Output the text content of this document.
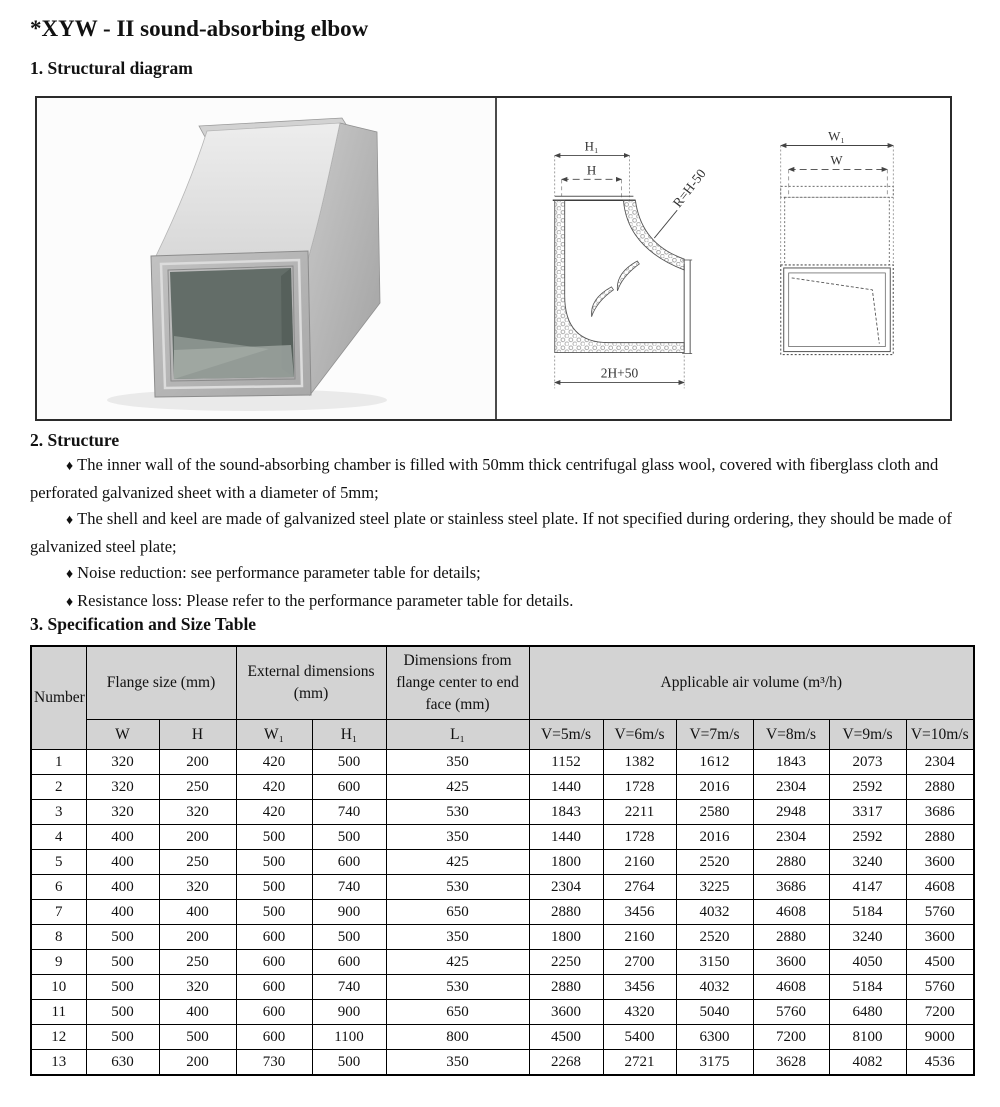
*XYW - II sound-absorbing elbow
1. Structural diagram
H₁
H	R=H-50
2H+50
W₁
W
2. Structure

♦ The inner wall of the sound-absorbing chamber is filled with 50mm thick centrifugal glass wool, covered with fiberglass cloth and perforated galvanized sheet with a diameter of 5mm;

♦ The shell and keel are made of galvanized steel plate or stainless steel plate. If not specified during ordering, they should be made of galvanized steel plate;

♦ Noise reduction: see performance parameter table for details;

♦ Resistance loss: Please refer to the performance parameter table for details.

3. Specification and Size Table
Number	Flange size (mm)		External dimensions (mm)		Dimensions from flange center to end face (mm)	Applicable air volume (m³/h)					
	W	H	W₁	H₁	L₁	V=5m/s	V=6m/s	V=7m/s	V=8m/s	V=9m/s	V=10m/s
1	320	200	420	500	350	1152	1382	1612	1843	2073	2304
2	320	250	420	600	425	1440	1728	2016	2304	2592	2880
3	320	320	420	740	530	1843	2211	2580	2948	3317	3686
4	400	200	500	500	350	1440	1728	2016	2304	2592	2880
5	400	250	500	600	425	1800	2160	2520	2880	3240	3600
6	400	320	500	740	530	2304	2764	3225	3686	4147	4608
7	400	400	500	900	650	2880	3456	4032	4608	5184	5760
8	500	200	600	500	350	1800	2160	2520	2880	3240	3600
9	500	250	600	600	425	2250	2700	3150	3600	4050	4500
10	500	320	600	740	530	2880	3456	4032	4608	5184	5760
11	500	400	600	900	650	3600	4320	5040	5760	6480	7200
12	500	500	600	1100	800	4500	5400	6300	7200	8100	9000
13	630	200	730	500	350	2268	2721	3175	3628	4082	4536
